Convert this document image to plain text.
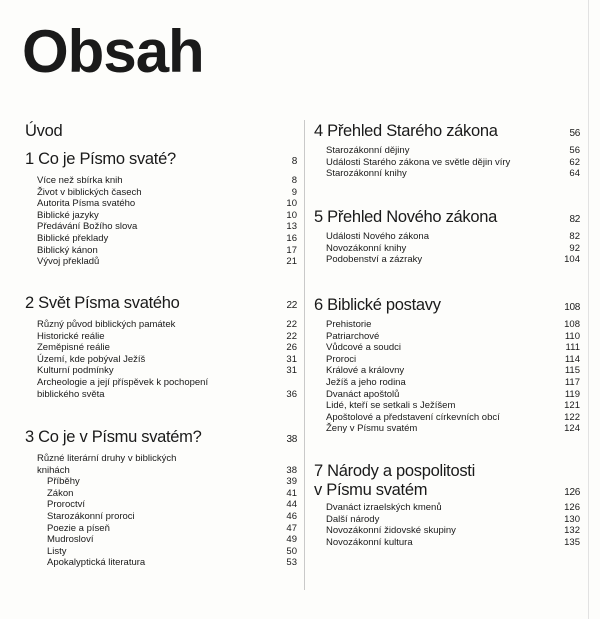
Obsah
Úvod
1 Co je Písmo svaté?	8
Více než sbírka knih	8
Život v biblických časech	9
Autorita Písma svatého	10
Biblické jazyky	10
Předávání Božího slova	13
Biblické překlady	16
Biblický kánon	17
Vývoj překladů	21
2 Svět Písma svatého	22
Různý původ biblických památek	22
Historické reálie	22
Zeměpisné reálie	26
Území, kde pobýval Ježíš	31
Kulturní podmínky	31
Archeologie a její příspěvek k pochopení biblického světa	36
3 Co je v Písmu svatém?	38
Různé literární druhy v biblických knihách	38
Příběhy	39
Zákon	41
Proroctví	44
Starozákonní proroci	46
Poezie a píseň	47
Mudrosloví	49
Listy	50
Apokalyptická literatura	53
4 Přehled Starého zákona	56
Starozákonní dějiny	56
Události Starého zákona ve světle dějin víry	62
Starozákonní knihy	64
5 Přehled Nového zákona	82
Události Nového zákona	82
Novozákonní knihy	92
Podobenství a zázraky	104
6 Biblické postavy	108
Prehistorie	108
Patriarchové	110
Vůdcové a soudci	111
Proroci	114
Králové a královny	115
Ježíš a jeho rodina	117
Dvanáct apoštolů	119
Lidé, kteří se setkali s Ježíšem	121
Apoštolové a představení církevních obcí	122
Ženy v Písmu svatém	124
7 Národy a pospolitosti
v Písmu svatém	126
Dvanáct izraelských kmenů	126
Další národy	130
Novozákonní židovské skupiny	132
Novozákonní kultura	135
